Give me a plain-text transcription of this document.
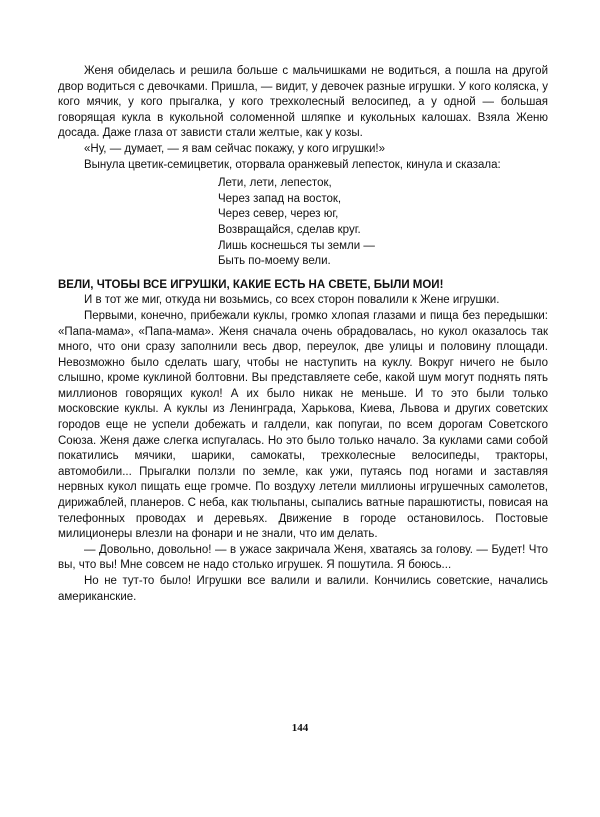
Женя обиделась и решила больше с мальчишками не водиться, а пошла на другой двор водиться с девочками. Пришла, — видит, у девочек разные игрушки. У кого коляска, у кого мячик, у кого прыгалка, у кого трехколесный велосипед, а у одной — большая говорящая кукла в кукольной соломенной шляпке и кукольных калошах. Взяла Женю досада. Даже глаза от зависти стали желтые, как у козы.

«Ну, — думает, — я вам сейчас покажу, у кого игрушки!»

Вынула цветик-семицветик, оторвала оранжевый лепесток, кинула и сказала:

Лети, лети, лепесток,
Через запад на восток,
Через север, через юг,
Возвращайся, сделав круг.
Лишь коснешься ты земли —
Быть по-моему вели.

ВЕЛИ, ЧТОБЫ ВСЕ ИГРУШКИ, КАКИЕ ЕСТЬ НА СВЕТЕ, БЫЛИ МОИ!

И в тот же миг, откуда ни возьмись, со всех сторон повалили к Жене игрушки.

Первыми, конечно, прибежали куклы, громко хлопая глазами и пища без передышки: «Папа-мама», «Папа-мама». Женя сначала очень обрадовалась, но кукол оказалось так много, что они сразу заполнили весь двор, переулок, две улицы и половину площади. Невозможно было сделать шагу, чтобы не наступить на куклу. Вокруг ничего не было слышно, кроме куклиной болтовни. Вы представляете себе, какой шум могут поднять пять миллионов говорящих кукол! А их было никак не меньше. И то это были только московские куклы. А куклы из Ленинграда, Харькова, Киева, Львова и других советских городов еще не успели добежать и галдели, как попугаи, по всем дорогам Советского Союза. Женя даже слегка испугалась. Но это было только начало. За куклами сами собой покатились мячики, шарики, самокаты, трехколесные велосипеды, тракторы, автомобили... Прыгалки ползли по земле, как ужи, путаясь под ногами и заставляя нервных кукол пищать еще громче. По воздуху летели миллионы игрушечных самолетов, дирижаблей, планеров. С неба, как тюльпаны, сыпались ватные парашютисты, повисая на телефонных проводах и деревьях. Движение в городе остановилось. Постовые милиционеры влезли на фонари и не знали, что им делать.

— Довольно, довольно! — в ужасе закричала Женя, хватаясь за голову. — Будет! Что вы, что вы! Мне совсем не надо столько игрушек. Я пошутила. Я боюсь...

Но не тут-то было! Игрушки все валили и валили. Кончились советские, начались американские.

144
